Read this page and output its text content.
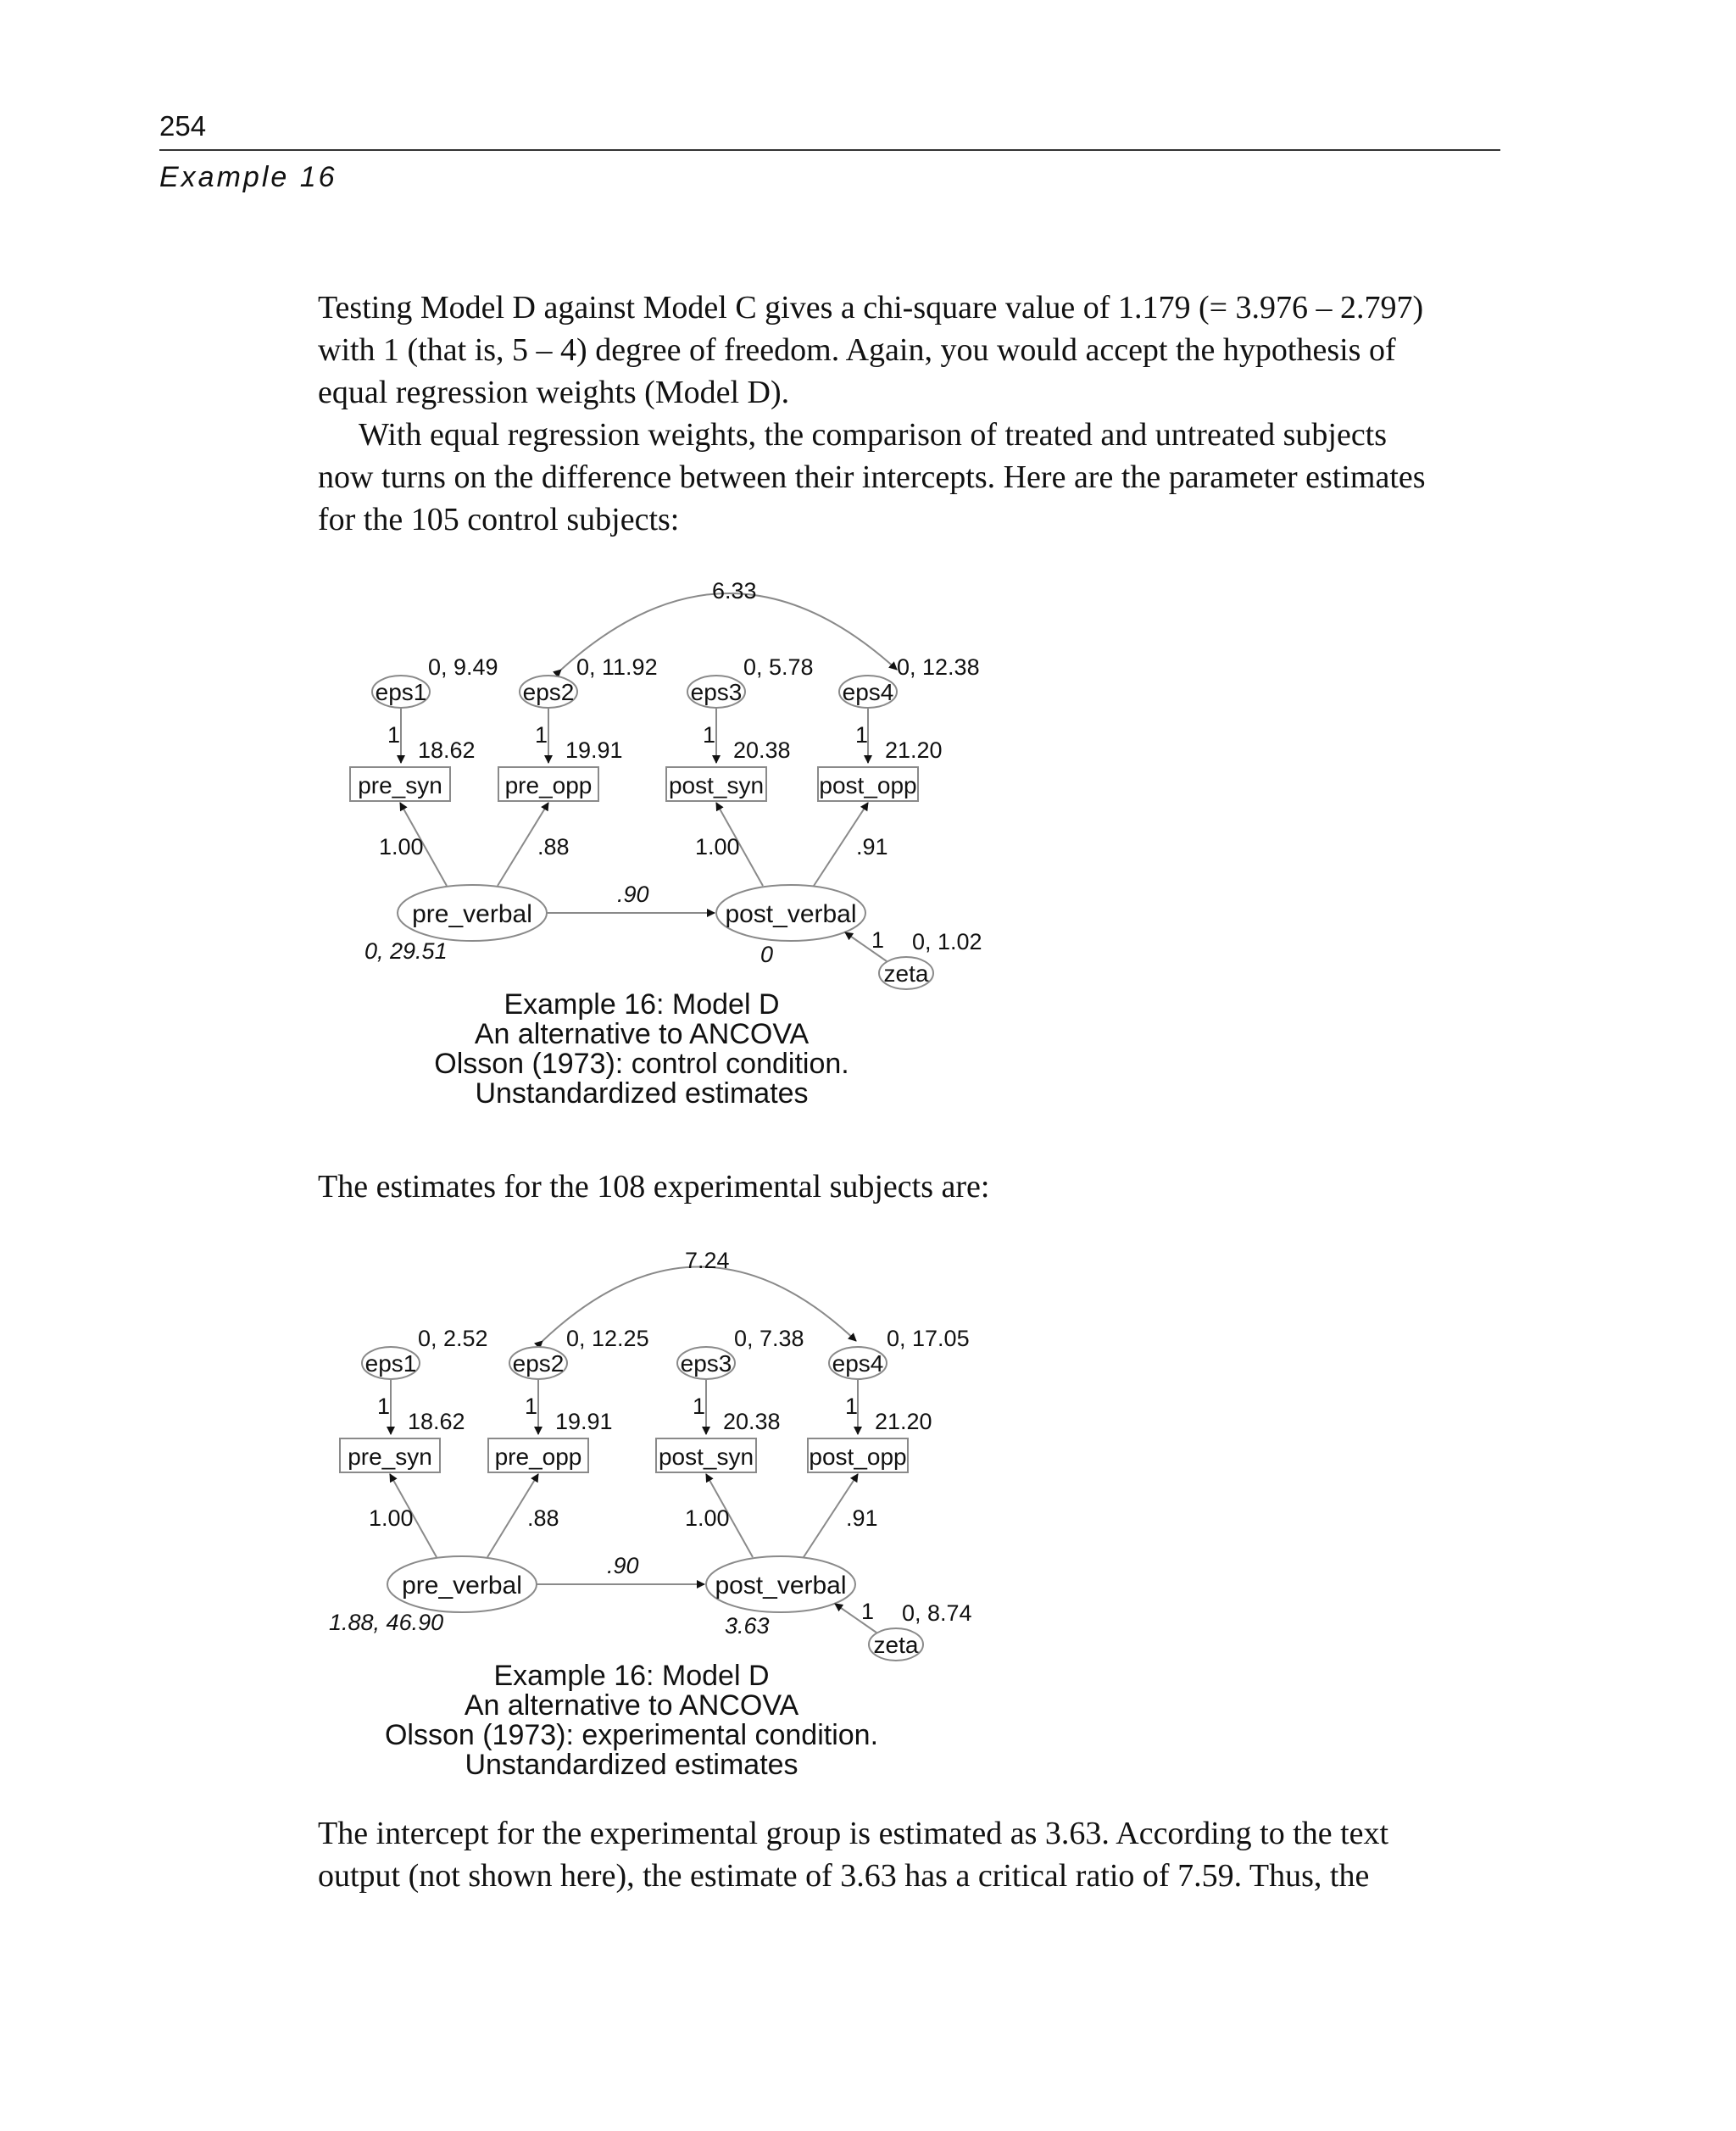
254
Example 16

Testing Model D against Model C gives a chi-square value of 1.179 (= 3.976 – 2.797)
with 1 (that is, 5 – 4) degree of freedom. Again, you would accept the hypothesis of
equal regression weights (Model D).

With equal regression weights, the comparison of treated and untreated subjects
now turns on the difference between their intercepts. Here are the parameter estimates
for the 105 control subjects:

6.33
eps1
0, 9.49
1
18.62
eps2
0, 11.92
1
19.91
eps3
0, 5.78
1
20.38
eps4
0, 12.38
1
21.20
pre_syn	pre_opp	post_syn post_opp
1.00	.88	1.00	.91
pre_verbal	post_verbal
.90
0, 29.51	0
zeta
1 0, 1.02
Example 16: Model D
An alternative to ANCOVA
Olsson (1973): control condition.
Unstandardized estimates

The estimates for the 108 experimental subjects are:

7.24
eps1
0, 2.52
1
18.62
eps2
0, 12.25
1
19.91
eps3
0, 7.38
1
20.38
eps4
0, 17.05
1
21.20
pre_syn	pre_opp	post_syn post_opp
1.00	.88	1.00	.91
pre_verbal	post_verbal
.90
1.88, 46.90	3.63
zeta
1 0, 8.74
Example 16: Model D
An alternative to ANCOVA
Olsson (1973): experimental condition.
Unstandardized estimates

The intercept for the experimental group is estimated as 3.63. According to the text
output (not shown here), the estimate of 3.63 has a critical ratio of 7.59. Thus, the
